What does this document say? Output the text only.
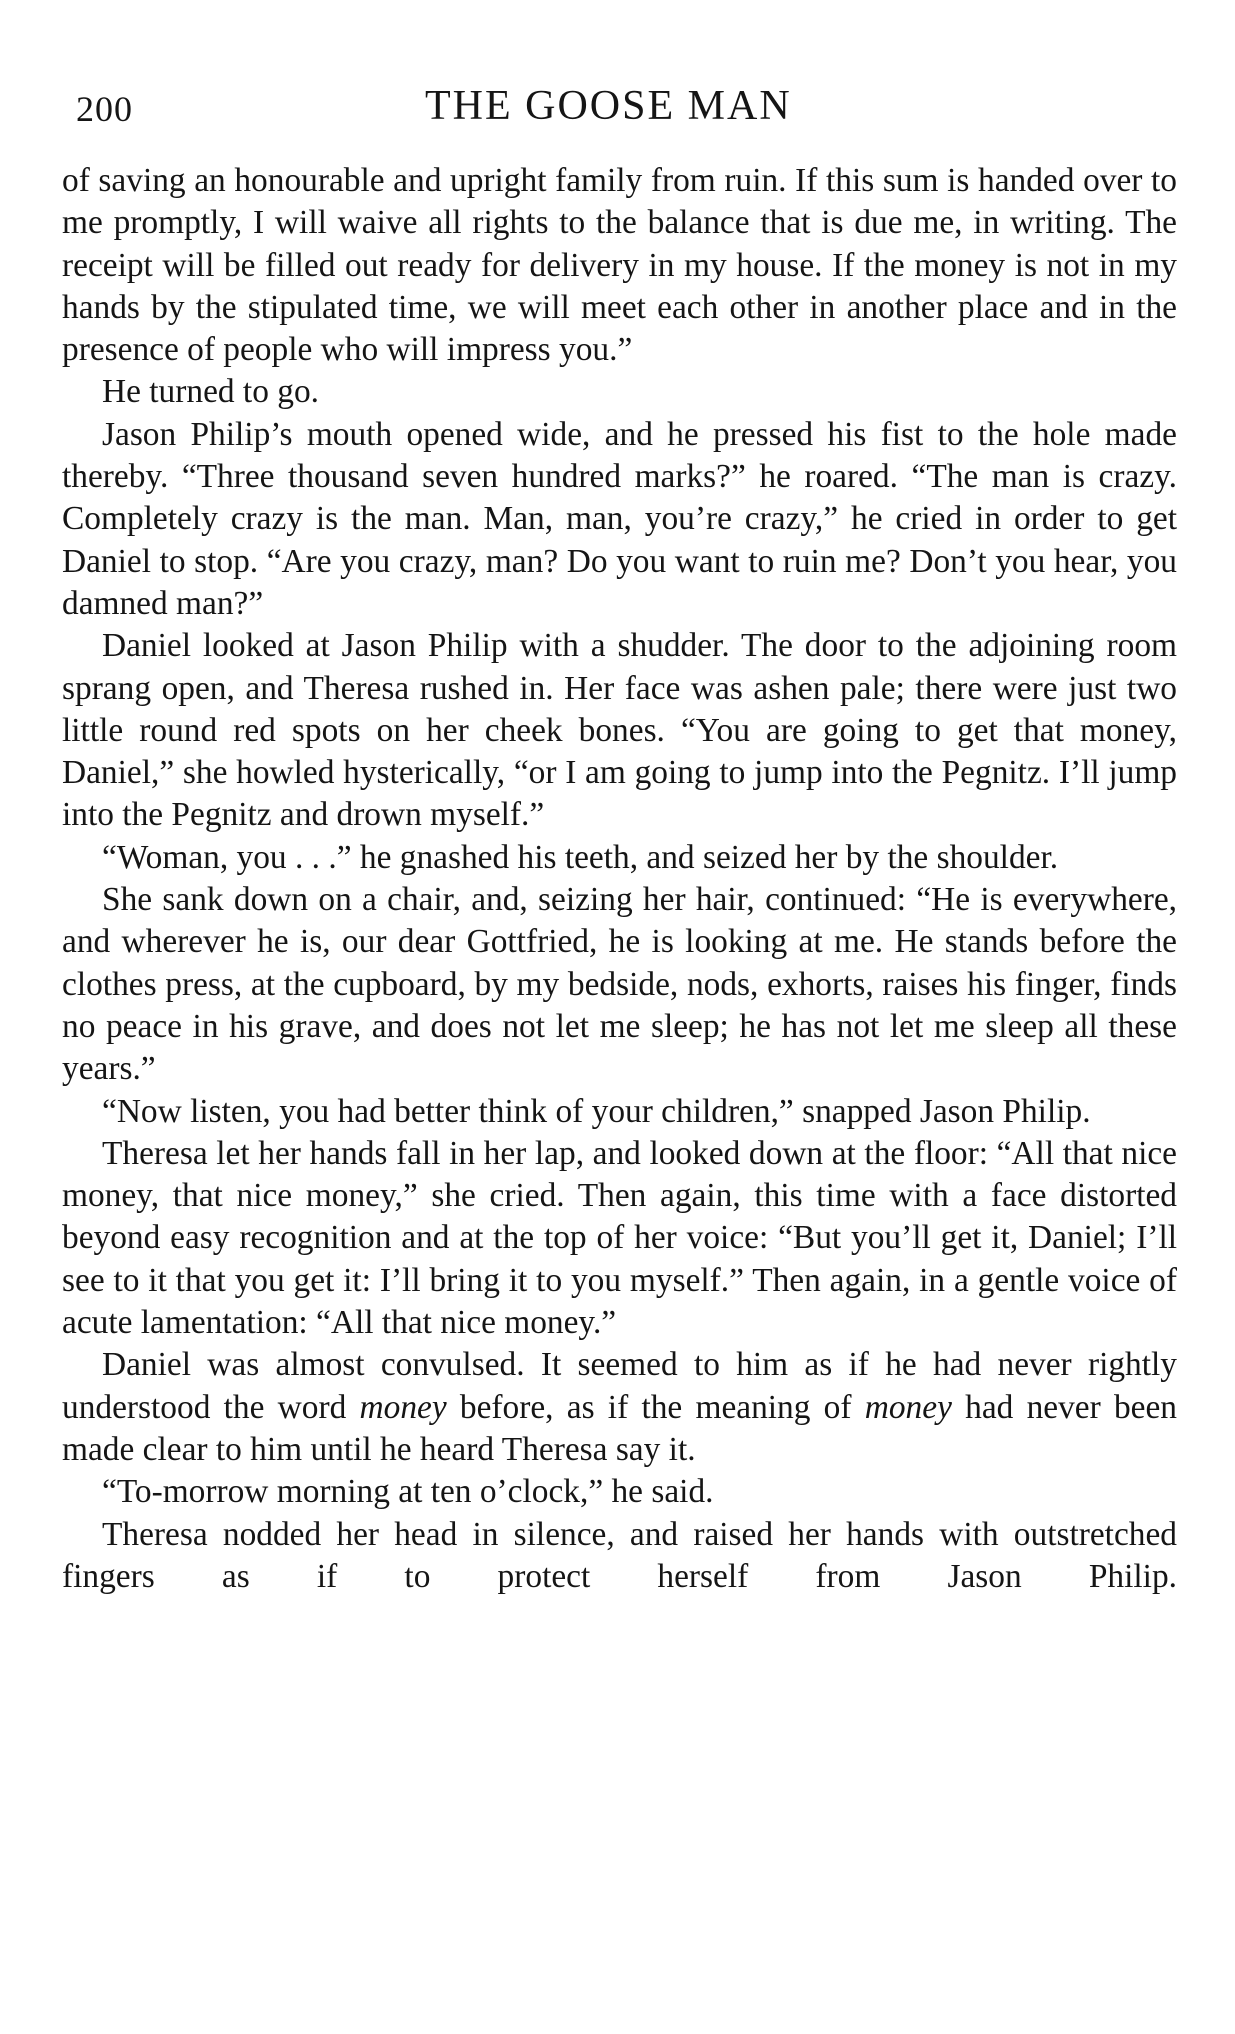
200	THE GOOSE MAN

of saving an honourable and upright family from ruin. If this sum is handed over to me promptly, I will waive all rights to the balance that is due me, in writing. The receipt will be filled out ready for delivery in my house. If the money is not in my hands by the stipulated time, we will meet each other in another place and in the presence of people who will impress you.”

He turned to go.

Jason Philip’s mouth opened wide, and he pressed his fist to the hole made thereby. “Three thousand seven hundred marks?” he roared. “The man is crazy. Completely crazy is the man. Man, man, you’re crazy,” he cried in order to get Daniel to stop. “Are you crazy, man? Do you want to ruin me? Don’t you hear, you damned man?”

Daniel looked at Jason Philip with a shudder. The door to the adjoining room sprang open, and Theresa rushed in. Her face was ashen pale; there were just two little round red spots on her cheek bones. “You are going to get that money, Daniel,” she howled hysterically, “or I am going to jump into the Pegnitz. I’ll jump into the Pegnitz and drown myself.”

“Woman, you . . .” he gnashed his teeth, and seized her by the shoulder.

She sank down on a chair, and, seizing her hair, continued: “He is everywhere, and wherever he is, our dear Gottfried, he is looking at me. He stands before the clothes press, at the cupboard, by my bedside, nods, exhorts, raises his finger, finds no peace in his grave, and does not let me sleep; he has not let me sleep all these years.”

“Now listen, you had better think of your children,” snapped Jason Philip.

Theresa let her hands fall in her lap, and looked down at the floor: “All that nice money, that nice money,” she cried. Then again, this time with a face distorted beyond easy recognition and at the top of her voice: “But you’ll get it, Daniel; I’ll see to it that you get it: I’ll bring it to you myself.” Then again, in a gentle voice of acute lamentation: “All that nice money.”

Daniel was almost convulsed. It seemed to him as if he had never rightly understood the word money before, as if the meaning of money had never been made clear to him until he heard Theresa say it.

“To-morrow morning at ten o’clock,” he said.

Theresa nodded her head in silence, and raised her hands with outstretched fingers as if to protect herself from Jason Philip.
